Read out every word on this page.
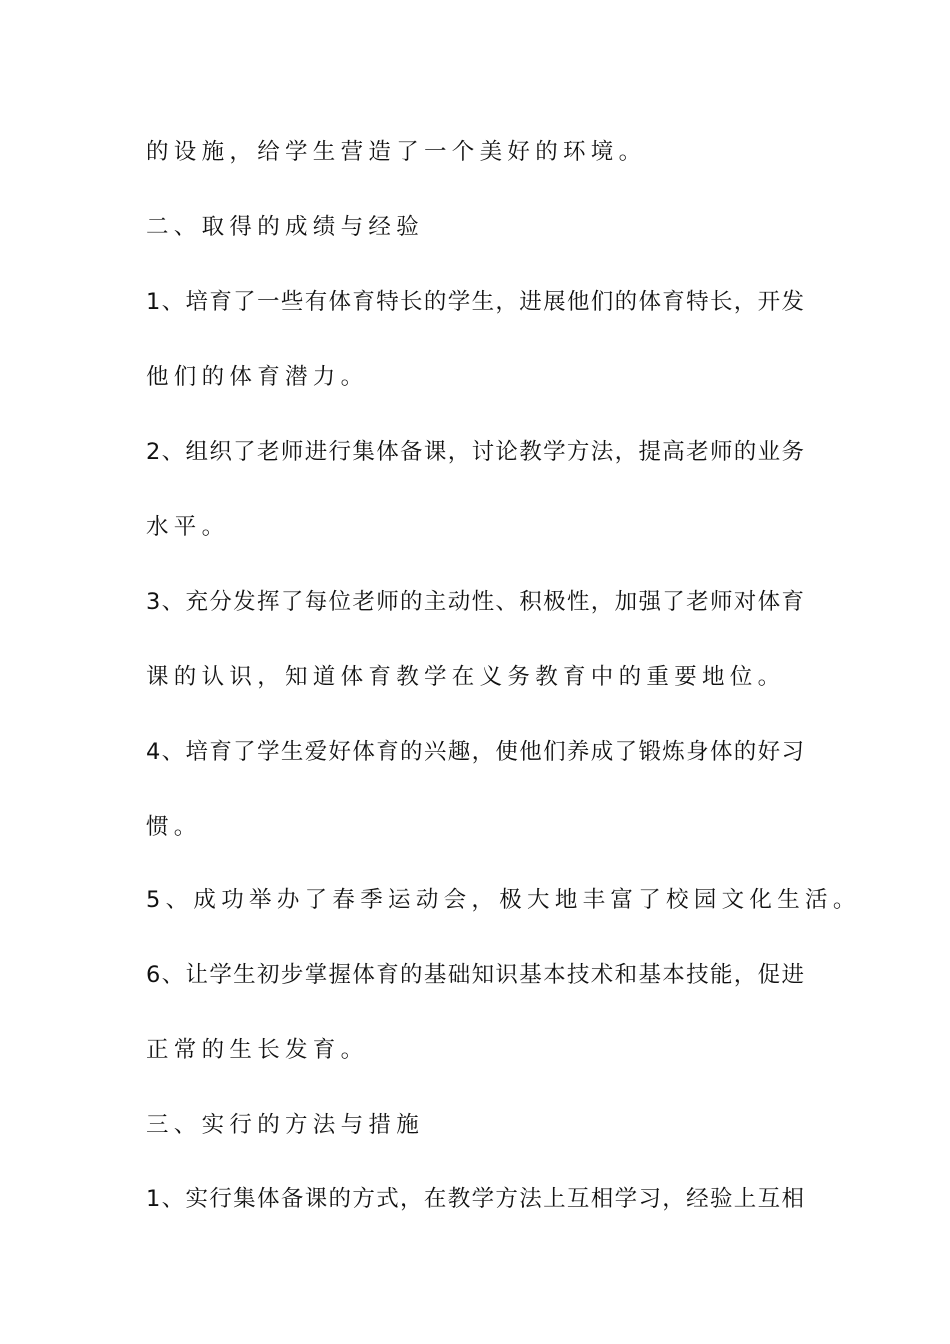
的设施，给学生营造了一个美好的环境。
二、取得的成绩与经验
1、培育了一些有体育特长的学生，进展他们的体育特长，开发
他们的体育潜力。
2、组织了老师进行集体备课，讨论教学方法，提高老师的业务
水平。
3、充分发挥了每位老师的主动性、积极性，加强了老师对体育
课的认识，知道体育教学在义务教育中的重要地位。
4、培育了学生爱好体育的兴趣，使他们养成了锻炼身体的好习
惯。
5、成功举办了春季运动会，极大地丰富了校园文化生活。
6、让学生初步掌握体育的基础知识基本技术和基本技能，促进
正常的生长发育。
三、实行的方法与措施
1、实行集体备课的方式，在教学方法上互相学习，经验上互相
